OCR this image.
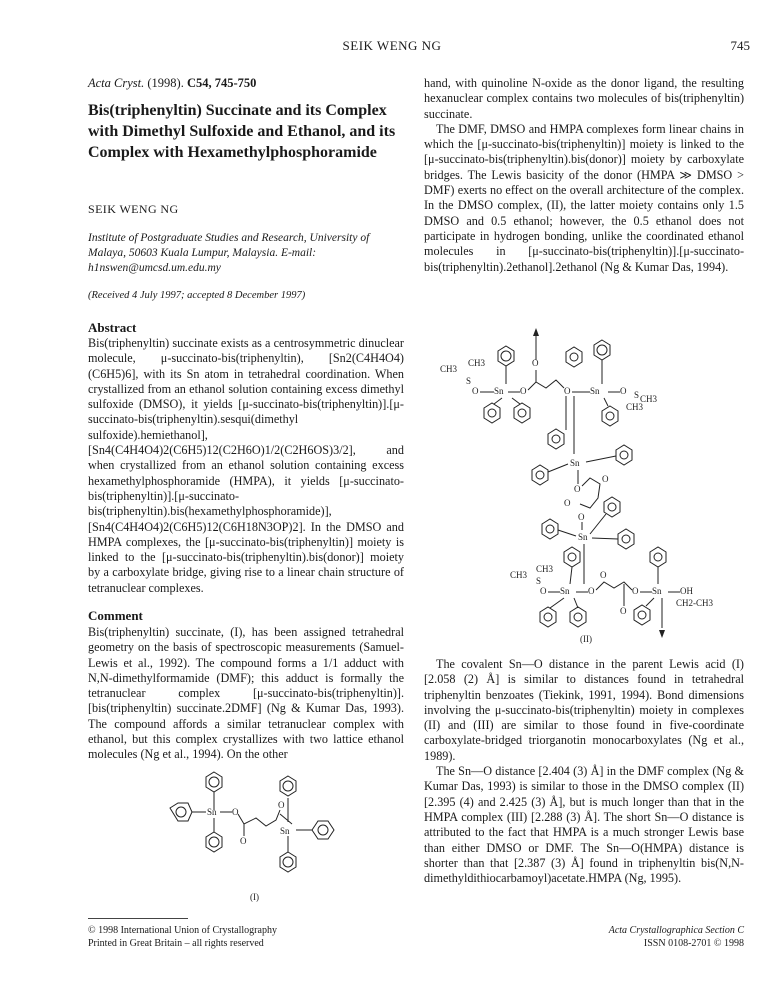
SEIK WENG NG	745
Acta Cryst. (1998). C54, 745-750
Bis(triphenyltin) Succinate and its Complex with Dimethyl Sulfoxide and Ethanol, and its Complex with Hexamethylphosphoramide
SEIK WENG NG
Institute of Postgraduate Studies and Research, University of Malaya, 50603 Kuala Lumpur, Malaysia. E-mail: h1nswen@umcsd.um.edu.my
(Received 4 July 1997; accepted 8 December 1997)
Abstract

Bis(triphenyltin) succinate exists as a centrosymmetric dinuclear molecule, μ-succinato-bis(triphenyltin), [Sn2(C4H4O4)(C6H5)6], with its Sn atom in tetrahedral coordination. When crystallized from an ethanol solution containing excess dimethyl sulfoxide (DMSO), it yields [μ-succinato-bis(triphenyltin)].[μ-succinato-bis(triphenyltin).sesqui(dimethyl sulfoxide).hemiethanol], [Sn4(C4H4O4)2(C6H5)12(C2H6O)1/2(C2H6OS)3/2], and when crystallized from an ethanol solution containing excess hexamethylphosphoramide (HMPA), it yields [μ-succinato-bis(triphenyltin)].[μ-succinato-bis(triphenyltin).bis(hexamethylphosphoramide)], [Sn4(C4H4O4)2(C6H5)12(C6H18N3OP)2]. In the DMSO and HMPA complexes, the [μ-succinato-bis(triphenyltin)] moiety is linked to the [μ-succinato-bis(triphenyltin).bis(donor)] moiety by a carboxylate bridge, giving rise to a linear chain structure of tetranuclear complexes.

Comment

Bis(triphenyltin) succinate, (I), has been assigned tetrahedral geometry on the basis of spectroscopic measurements (Samuel-Lewis et al., 1992). The compound forms a 1/1 adduct with N,N-dimethylformamide (DMF); this adduct is formally the tetranuclear complex [μ-succinato-bis(triphenyltin)].[bis(triphenyltin) succinate.2DMF] (Ng & Kumar Das, 1993). The compound affords a similar tetranuclear complex with ethanol, but this complex crystallizes with two lattice ethanol molecules (Ng et al., 1994). On the other

Sn O
O
O
Sn
(I)

hand, with quinoline N-oxide as the donor ligand, the resulting hexanuclear complex contains two molecules of bis(triphenyltin) succinate.

The DMF, DMSO and HMPA complexes form linear chains in which the [μ-succinato-bis(triphenyltin)] moiety is linked to the [μ-succinato-bis(triphenyltin).bis(donor)] moiety by carboxylate bridges. The Lewis basicity of the donor (HMPA ≫ DMSO > DMF) exerts no effect on the overall architecture of the complex. In the DMSO complex, (II), the latter moiety contains only 1.5 DMSO and 0.5 ethanol; however, the 0.5 ethanol does not participate in hydrogen bonding, unlike the coordinated ethanol molecules in [μ-succinato-bis(triphenyltin)].[μ-succinato-bis(triphenyltin).2ethanol].2ethanol (Ng & Kumar Das, 1994).

CH3
S
CH3
O Sn O
O
O Sn O S CH3
CH3
Sn
O
O
O
O
Sn
CH3
CH3
S
O Sn O
O
O
O Sn OH
CH2-CH3
(II)

The covalent Sn—O distance in the parent Lewis acid (I) [2.058 (2) Å] is similar to distances found in tetrahedral triphenyltin benzoates (Tiekink, 1991, 1994). Bond dimensions involving the μ-succinato-bis(triphenyltin) moiety in complexes (II) and (III) are similar to those found in five-coordinate carboxylate-bridged triorganotin monocarboxylates (Ng et al., 1989).

The Sn—O distance [2.404 (3) Å] in the DMF complex (Ng & Kumar Das, 1993) is similar to those in the DMSO complex (II) [2.395 (4) and 2.425 (3) Å], but is much longer than that in the HMPA complex (III) [2.288 (3) Å]. The short Sn—O distance is attributed to the fact that HMPA is a much stronger Lewis base than either DMSO or DMF. The Sn—O(HMPA) distance is shorter than that [2.387 (3) Å] found in triphenyltin bis(N,N-dimethyldithiocarbamoyl)acetate.HMPA (Ng, 1995).

© 1998 International Union of Crystallography
Printed in Great Britain – all rights reserved
Acta Crystallographica Section C
ISSN 0108-2701 © 1998
